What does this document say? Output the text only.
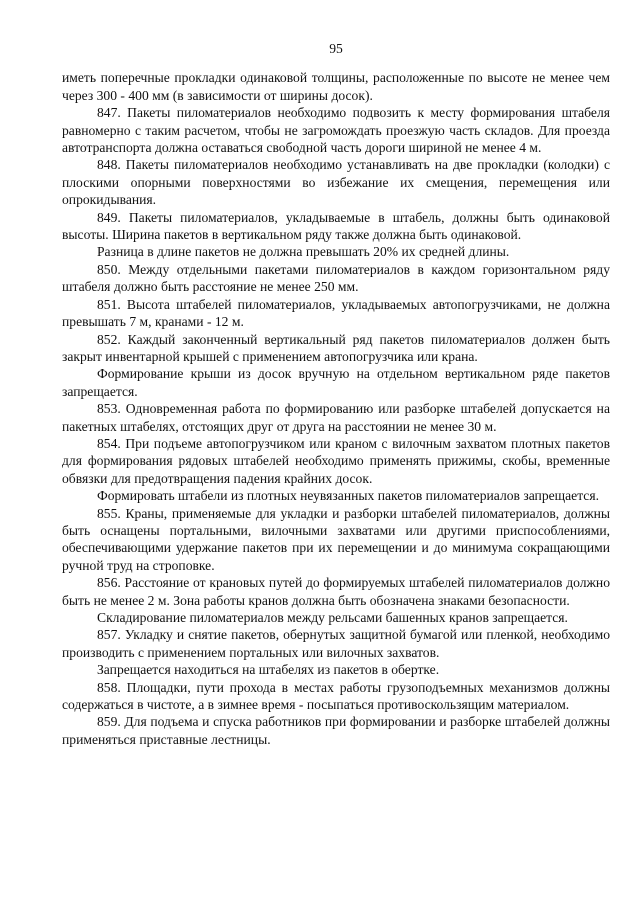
95

иметь поперечные прокладки одинаковой толщины, расположенные по высоте не менее чем через 300 - 400 мм (в зависимости от ширины досок).

847. Пакеты пиломатериалов необходимо подвозить к месту формирования штабеля равномерно с таким расчетом, чтобы не загромождать проезжую часть складов. Для проезда автотранспорта должна оставаться свободной часть дороги шириной не менее 4 м.

848. Пакеты пиломатериалов необходимо устанавливать на две прокладки (колодки) с плоскими опорными поверхностями во избежание их смещения, перемещения или опрокидывания.

849. Пакеты пиломатериалов, укладываемые в штабель, должны быть одинаковой высоты. Ширина пакетов в вертикальном ряду также должна быть одинаковой.

Разница в длине пакетов не должна превышать 20% их средней длины.

850. Между отдельными пакетами пиломатериалов в каждом горизонтальном ряду штабеля должно быть расстояние не менее 250 мм.

851. Высота штабелей пиломатериалов, укладываемых автопогрузчиками, не должна превышать 7 м, кранами - 12 м.

852. Каждый законченный вертикальный ряд пакетов пиломатериалов должен быть закрыт инвентарной крышей с применением автопогрузчика или крана.

Формирование крыши из досок вручную на отдельном вертикальном ряде пакетов запрещается.

853. Одновременная работа по формированию или разборке штабелей допускается на пакетных штабелях, отстоящих друг от друга на расстоянии не менее 30 м.

854. При подъеме автопогрузчиком или краном с вилочным захватом плотных пакетов для формирования рядовых штабелей необходимо применять прижимы, скобы, временные обвязки для предотвращения падения крайних досок.

Формировать штабели из плотных неувязанных пакетов пиломатериалов запрещается.

855. Краны, применяемые для укладки и разборки штабелей пиломатериалов, должны быть оснащены портальными, вилочными захватами или другими приспособлениями, обеспечивающими удержание пакетов при их перемещении и до минимума сокращающими ручной труд на строповке.

856. Расстояние от крановых путей до формируемых штабелей пиломатериалов должно быть не менее 2 м. Зона работы кранов должна быть обозначена знаками безопасности.

Складирование пиломатериалов между рельсами башенных кранов запрещается.

857. Укладку и снятие пакетов, обернутых защитной бумагой или пленкой, необходимо производить с применением портальных или вилочных захватов.

Запрещается находиться на штабелях из пакетов в обертке.

858. Площадки, пути прохода в местах работы грузоподъемных механизмов должны содержаться в чистоте, а в зимнее время - посыпаться противоскользящим материалом.

859. Для подъема и спуска работников при формировании и разборке штабелей должны применяться приставные лестницы.
